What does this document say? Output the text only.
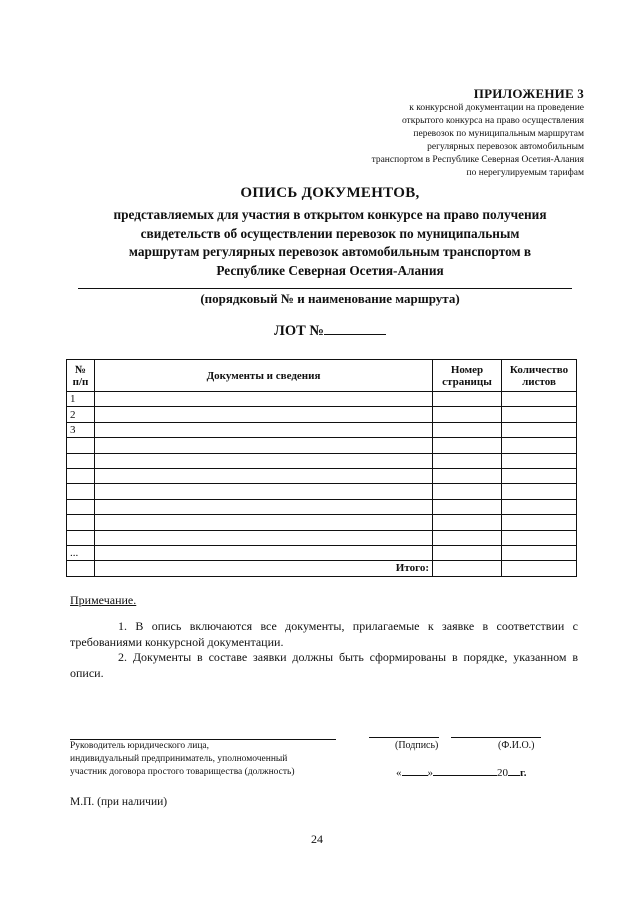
ПРИЛОЖЕНИЕ 3
к конкурсной документации на проведение
открытого конкурса на право осуществления
перевозок по муниципальным маршрутам
регулярных перевозок автомобильным
транспортом в Республике Северная Осетия-Алания
по нерегулируемым тарифам
ОПИСЬ ДОКУМЕНТОВ,
представляемых для участия в открытом конкурсе на право получения
свидетельств об осуществлении перевозок по муниципальным
маршрутам регулярных перевозок автомобильным транспортом в
Республике Северная Осетия-Алания
(порядковый № и наименование маршрута)
ЛОТ №
№ п/п	Документы и сведения	Номер страницы	Количество листов
1			
2			
3			

...			
	Итого:		
Примечание.
1. В опись включаются все документы, прилагаемые к заявке в соответствии с требованиями конкурсной документации.
2. Документы в составе заявки должны быть сформированы в порядке, указанном в описи.
Руководитель юридического лица,
индивидуальный предприниматель, уполномоченный
участник договора простого товарищества (должность)
(Подпись)	(Ф.И.О.)
« »	20 г.
М.П. (при наличии)
24
